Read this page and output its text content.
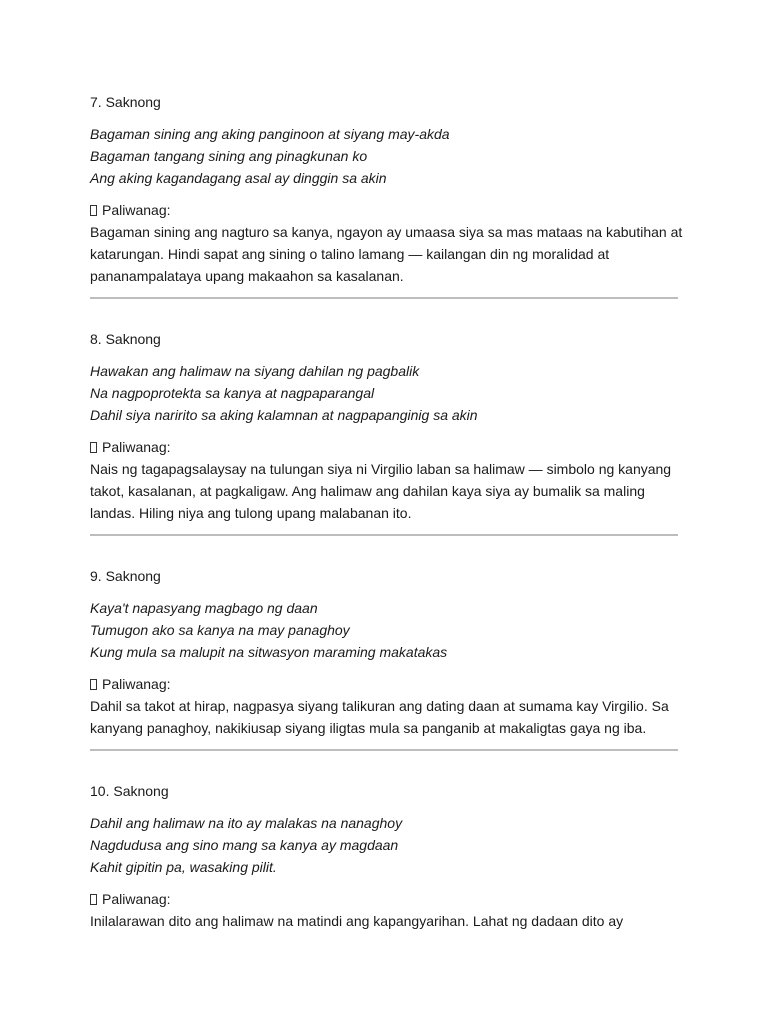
7. Saknong
Bagaman sining ang aking panginoon at siyang may-akda
Bagaman tangang sining ang pinagkunan ko
Ang aking kagandagang asal ay dinggin sa akin
Paliwanag:
Bagaman sining ang nagturo sa kanya, ngayon ay umaasa siya sa mas mataas na kabutihan at
katarungan. Hindi sapat ang sining o talino lamang — kailangan din ng moralidad at
pananampalataya upang makaahon sa kasalanan.
8. Saknong
Hawakan ang halimaw na siyang dahilan ng pagbalik
Na nagpoprotekta sa kanya at nagpaparangal
Dahil siya naririto sa aking kalamnan at nagpapanginig sa akin
Paliwanag:
Nais ng tagapagsalaysay na tulungan siya ni Virgilio laban sa halimaw — simbolo ng kanyang
takot, kasalanan, at pagkaligaw. Ang halimaw ang dahilan kaya siya ay bumalik sa maling
landas. Hiling niya ang tulong upang malabanan ito.
9. Saknong
Kaya't napasyang magbago ng daan
Tumugon ako sa kanya na may panaghoy
Kung mula sa malupit na sitwasyon maraming makatakas
Paliwanag:
Dahil sa takot at hirap, nagpasya siyang talikuran ang dating daan at sumama kay Virgilio. Sa
kanyang panaghoy, nakikiusap siyang iligtas mula sa panganib at makaligtas gaya ng iba.
10. Saknong
Dahil ang halimaw na ito ay malakas na nanaghoy
Nagdudusa ang sino mang sa kanya ay magdaan
Kahit gipitin pa, wasaking pilit.
Paliwanag:
Inilalarawan dito ang halimaw na matindi ang kapangyarihan. Lahat ng dadaan dito ay
